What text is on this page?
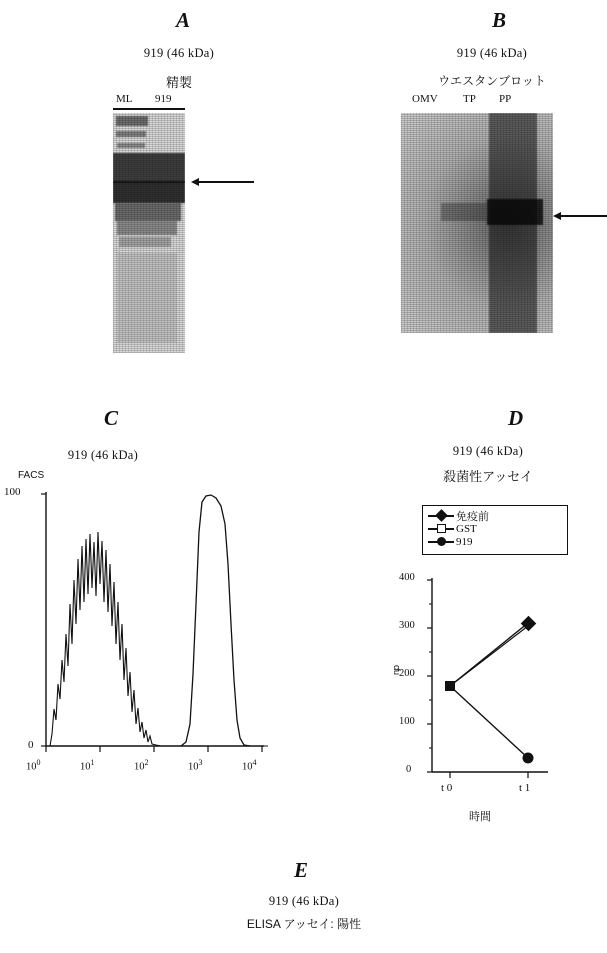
A
919 (46 kDa)
精製
ML 919
B
919 (46 kDa)
ウエスタンブロット
OMV TP PP
C
919 (46 kDa)
FACS
100
0
$10^0$	$10^1$	$10^2$	$10^3$	$10^4$
D
919 (46 kDa)
殺菌性アッセイ
免疫前
GST
919
400
300
200
100
0
cfu
t 0	t 1
時間
E
919 (46 kDa)
ELISA アッセイ: 陽性
